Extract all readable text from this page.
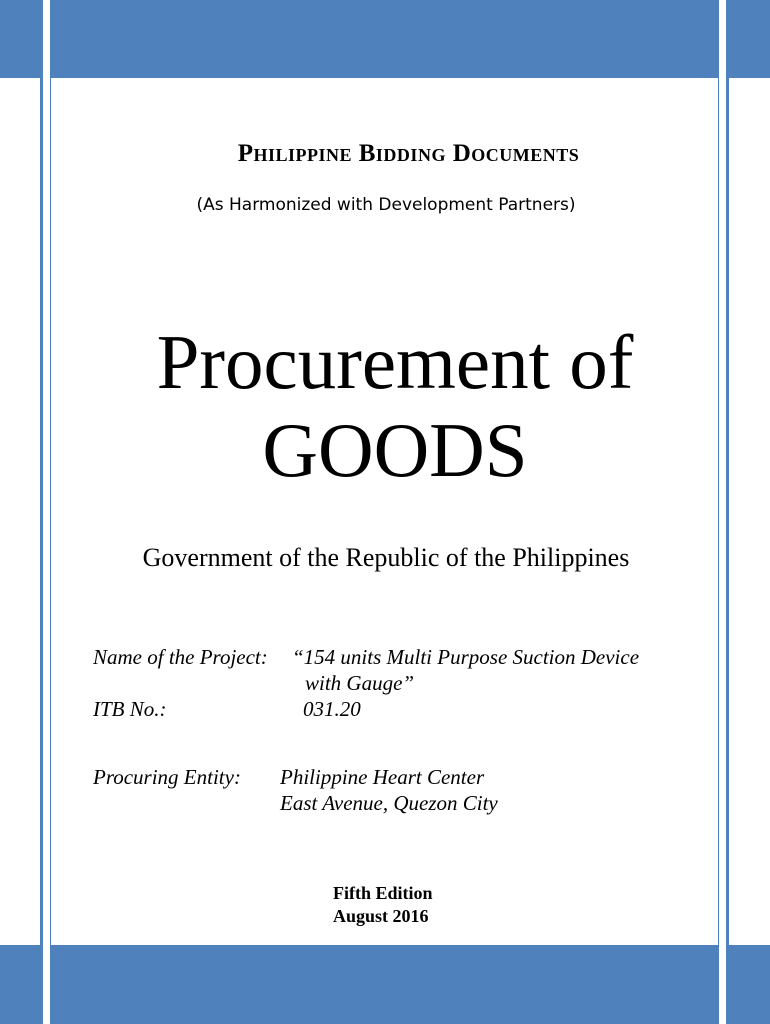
Philippine Bidding Documents
(As Harmonized with Development Partners)
Procurement of
GOODS
Government of the Republic of the Philippines
Name of the Project: “154 units Multi Purpose Suction Device
with Gauge”
ITB No.:	031.20
Procuring Entity: Philippine Heart Center
East Avenue, Quezon City
Fifth Edition
August 2016
